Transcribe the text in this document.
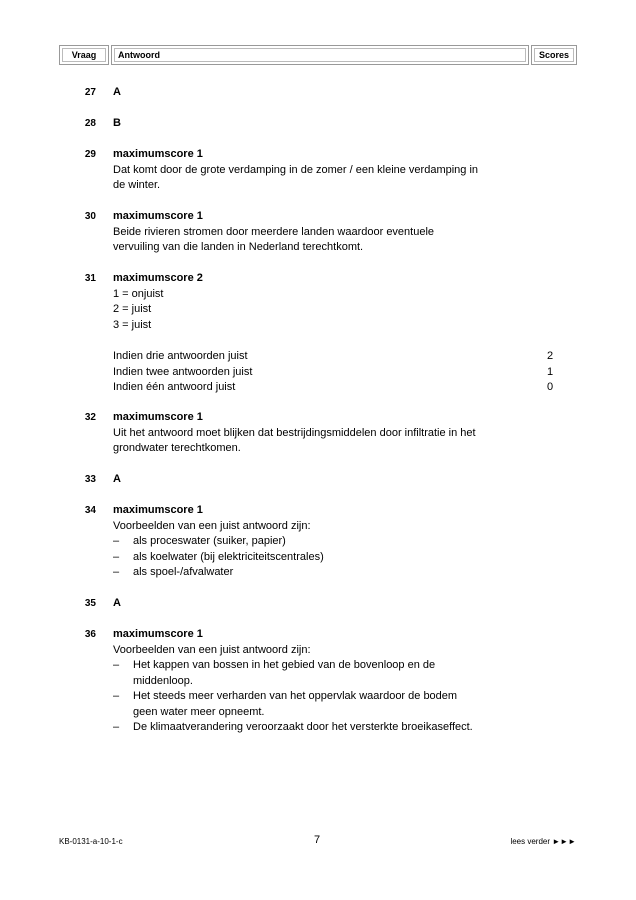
Vraag	Antwoord	Scores
27 A
28 B
29 maximumscore 1
Dat komt door de grote verdamping in de zomer / een kleine verdamping in
de winter.
30 maximumscore 1
Beide rivieren stromen door meerdere landen waardoor eventuele
vervuiling van die landen in Nederland terechtkomt.
31 maximumscore 2
1 = onjuist
2 = juist
3 = juist
Indien drie antwoorden juist	2
Indien twee antwoorden juist	1
Indien één antwoord juist	0
32 maximumscore 1
Uit het antwoord moet blijken dat bestrijdingsmiddelen door infiltratie in het
grondwater terechtkomen.
33 A
34 maximumscore 1
Voorbeelden van een juist antwoord zijn:
– als proceswater (suiker, papier)
– als koelwater (bij elektriciteitscentrales)
– als spoel-/afvalwater
35 A
36 maximumscore 1
Voorbeelden van een juist antwoord zijn:
– Het kappen van bossen in het gebied van de bovenloop en de
middenloop.
– Het steeds meer verharden van het oppervlak waardoor de bodem
geen water meer opneemt.
– De klimaatverandering veroorzaakt door het versterkte broeikaseffect.
KB-0131-a-10-1-c	7	lees verder ►►►
